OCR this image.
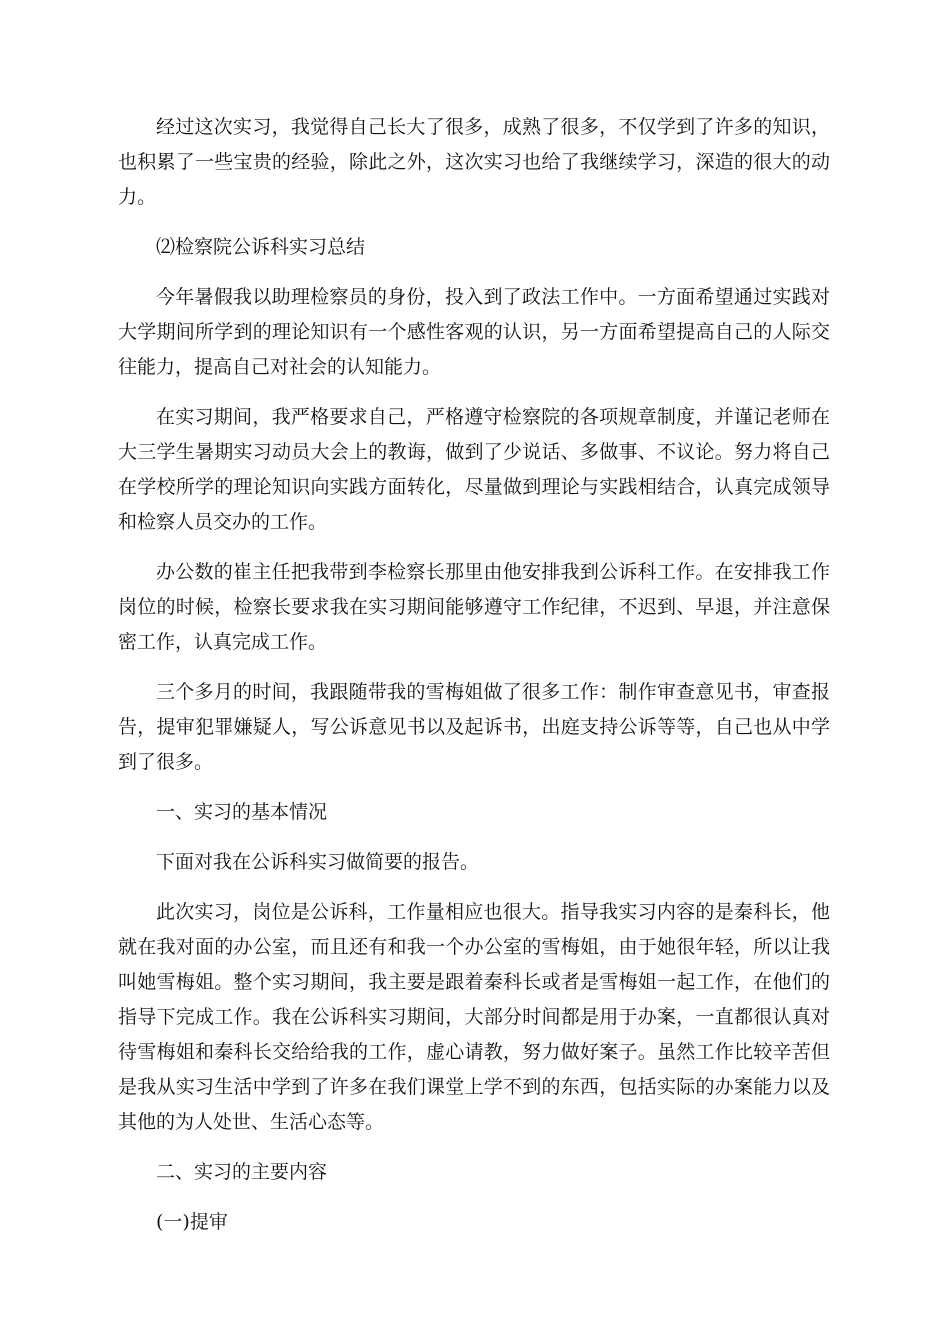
经过这次实习，我觉得自己长大了很多，成熟了很多，不仅学到了许多的知识，也积累了一些宝贵的经验，除此之外，这次实习也给了我继续学习，深造的很大的动力。

⑵检察院公诉科实习总结

今年暑假我以助理检察员的身份，投入到了政法工作中。一方面希望通过实践对大学期间所学到的理论知识有一个感性客观的认识，另一方面希望提高自己的人际交往能力，提高自己对社会的认知能力。

在实习期间，我严格要求自己，严格遵守检察院的各项规章制度，并谨记老师在大三学生暑期实习动员大会上的教诲，做到了少说话、多做事、不议论。努力将自己在学校所学的理论知识向实践方面转化，尽量做到理论与实践相结合，认真完成领导和检察人员交办的工作。

办公数的崔主任把我带到李检察长那里由他安排我到公诉科工作。在安排我工作岗位的时候，检察长要求我在实习期间能够遵守工作纪律，不迟到、早退，并注意保密工作，认真完成工作。

三个多月的时间，我跟随带我的雪梅姐做了很多工作：制作审查意见书，审查报告，提审犯罪嫌疑人，写公诉意见书以及起诉书，出庭支持公诉等等，自己也从中学到了很多。

一、实习的基本情况

下面对我在公诉科实习做简要的报告。

此次实习，岗位是公诉科，工作量相应也很大。指导我实习内容的是秦科长，他就在我对面的办公室，而且还有和我一个办公室的雪梅姐，由于她很年轻，所以让我叫她雪梅姐。整个实习期间，我主要是跟着秦科长或者是雪梅姐一起工作，在他们的指导下完成工作。我在公诉科实习期间，大部分时间都是用于办案，一直都很认真对待雪梅姐和秦科长交给给我的工作，虚心请教，努力做好案子。虽然工作比较辛苦但是我从实习生活中学到了许多在我们课堂上学不到的东西，包括实际的办案能力以及其他的为人处世、生活心态等。

二、实习的主要内容

(一)提审
